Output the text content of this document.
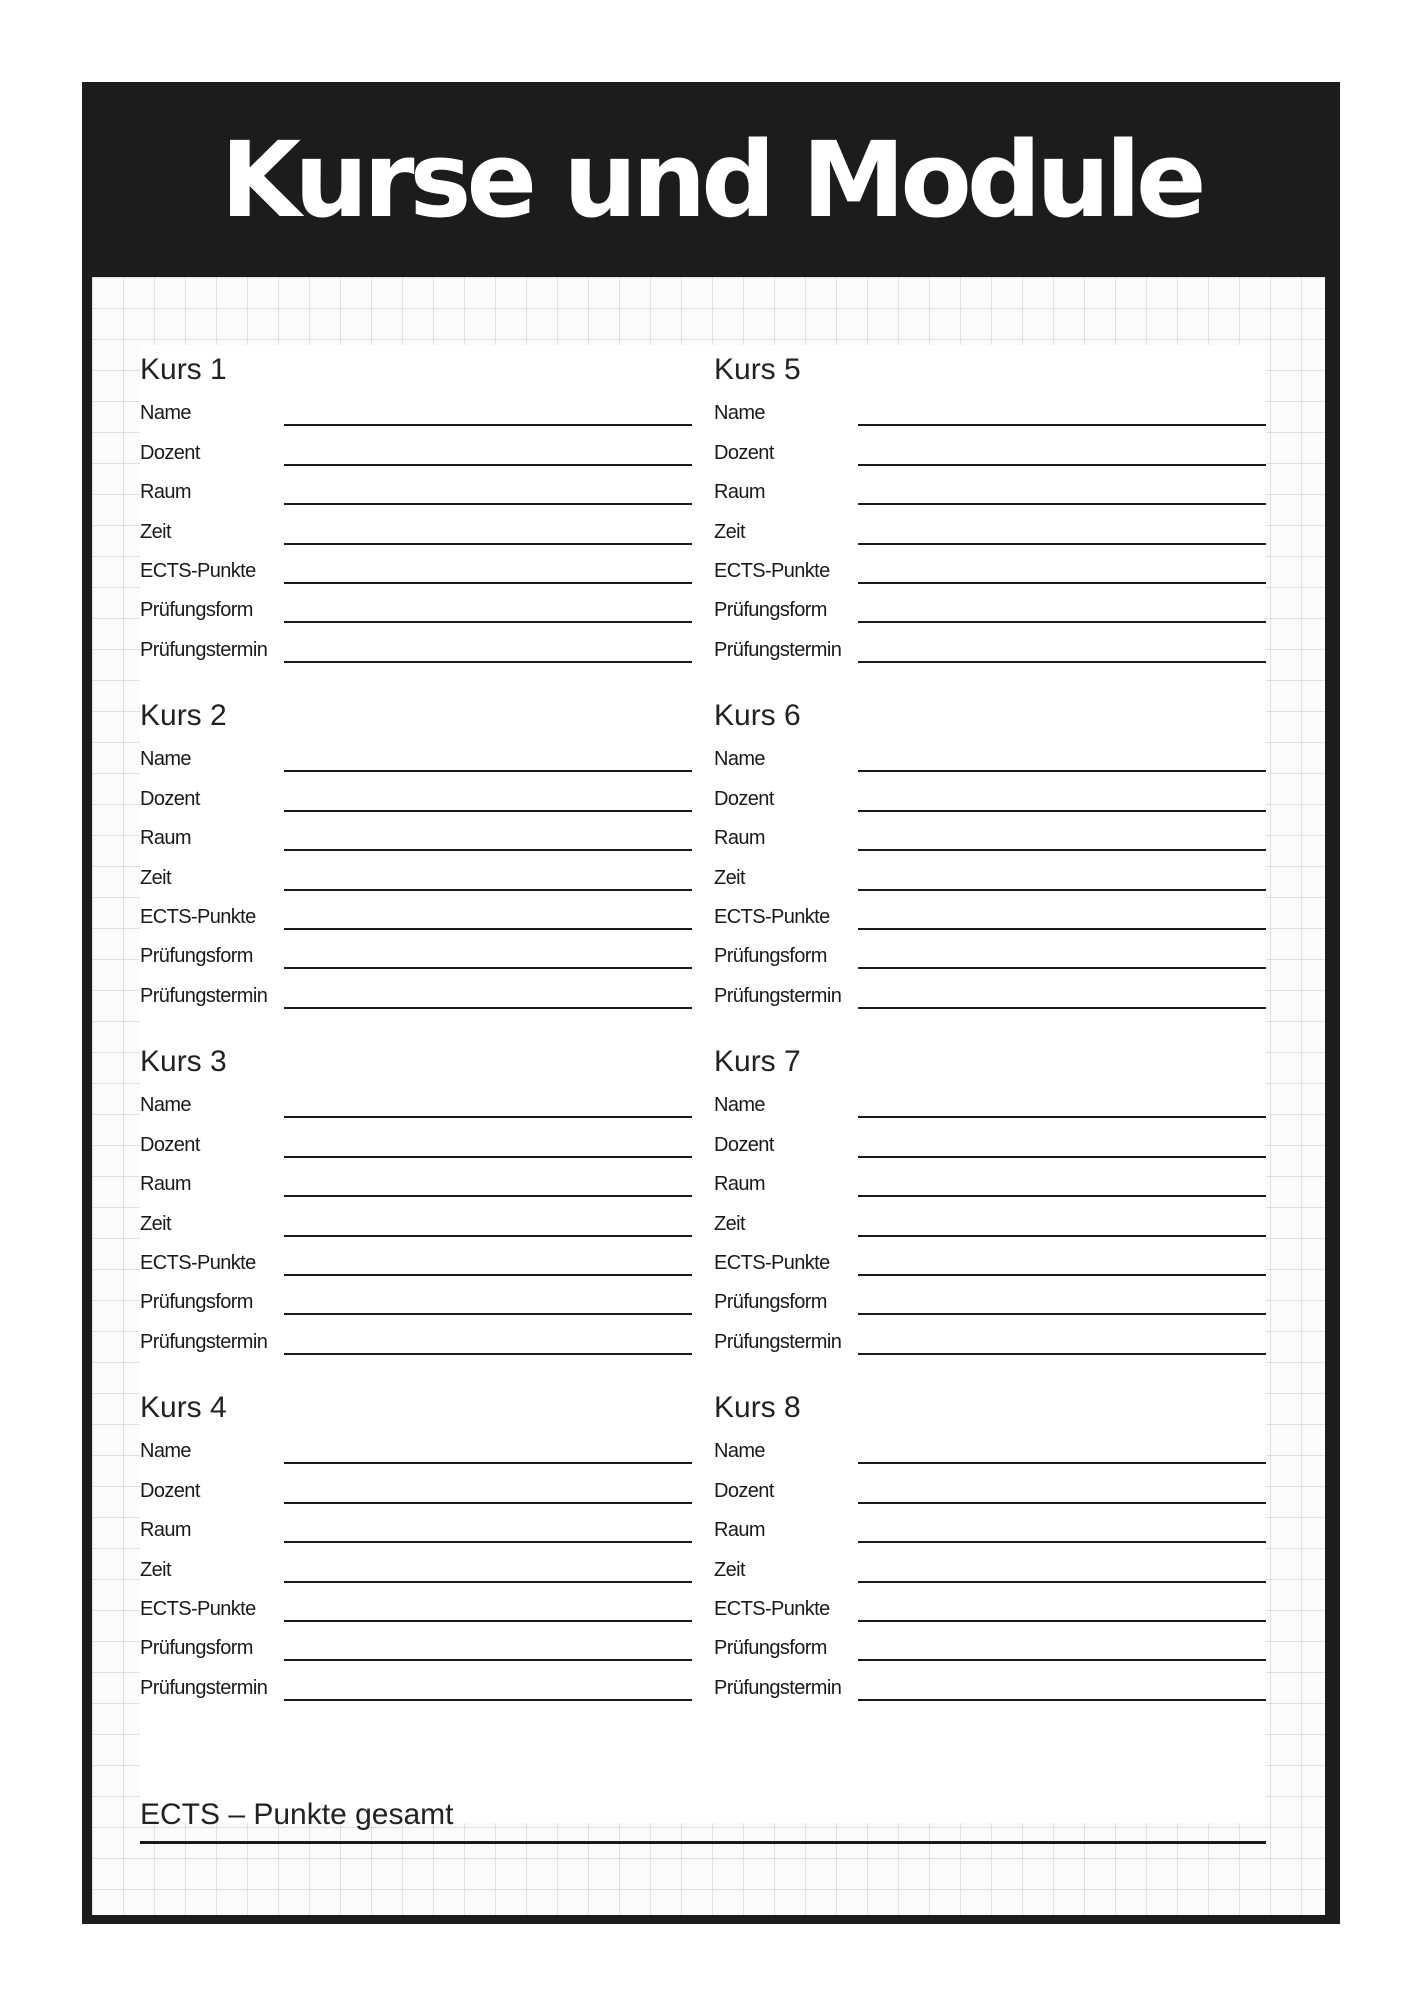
Kurse und Module
Kurs 1
Name
Dozent
Raum
Zeit
ECTS-Punkte
Prüfungsform
Prüfungstermin
Kurs 2
Name
Dozent
Raum
Zeit
ECTS-Punkte
Prüfungsform
Prüfungstermin
Kurs 3
Name
Dozent
Raum
Zeit
ECTS-Punkte
Prüfungsform
Prüfungstermin
Kurs 4
Name
Dozent
Raum
Zeit
ECTS-Punkte
Prüfungsform
Prüfungstermin
Kurs 5
Name
Dozent
Raum
Zeit
ECTS-Punkte
Prüfungsform
Prüfungstermin
Kurs 6
Name
Dozent
Raum
Zeit
ECTS-Punkte
Prüfungsform
Prüfungstermin
Kurs 7
Name
Dozent
Raum
Zeit
ECTS-Punkte
Prüfungsform
Prüfungstermin
Kurs 8
Name
Dozent
Raum
Zeit
ECTS-Punkte
Prüfungsform
Prüfungstermin
ECTS – Punkte gesamt
